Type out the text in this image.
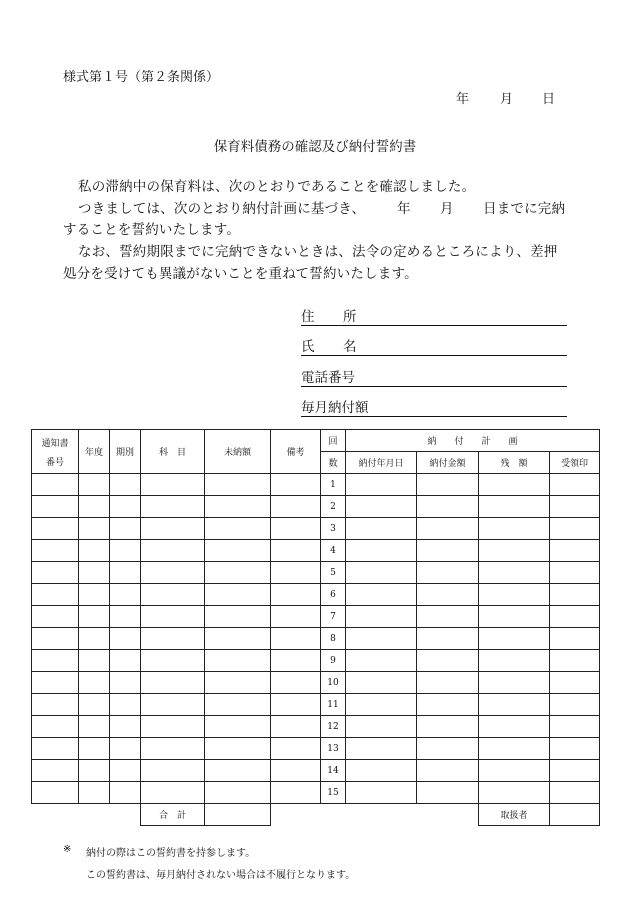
様式第１号（第２条関係）
年 月 日
保育料債務の確認及び納付誓約書
私の滞納中の保育料は、次のとおりであることを確認しました。
つきましては、次のとおり納付計画に基づき、 年 月 日までに完納
することを誓約いたします。
なお、誓約期限までに完納できないときは、法令の定めるところにより、差押
処分を受けても異議がないことを重ねて誓約いたします。
住 所
氏 名
電話番号
毎月納付額
通知書
番号	年度	期別	科　目	未納額	備考	回	納　　付　　計　　画			
						数	納付年月日	納付金額	残　額	受領印
						1				
						2				
						3				
						4				
						5				
						6				
						7				
						8				
						9				
						10				
						11				
						12				
						13				
						14				
						15				
			合　計						取扱者	
※ 納付の際はこの誓約書を持参します。
この誓約書は、毎月納付されない場合は不履行となります。
